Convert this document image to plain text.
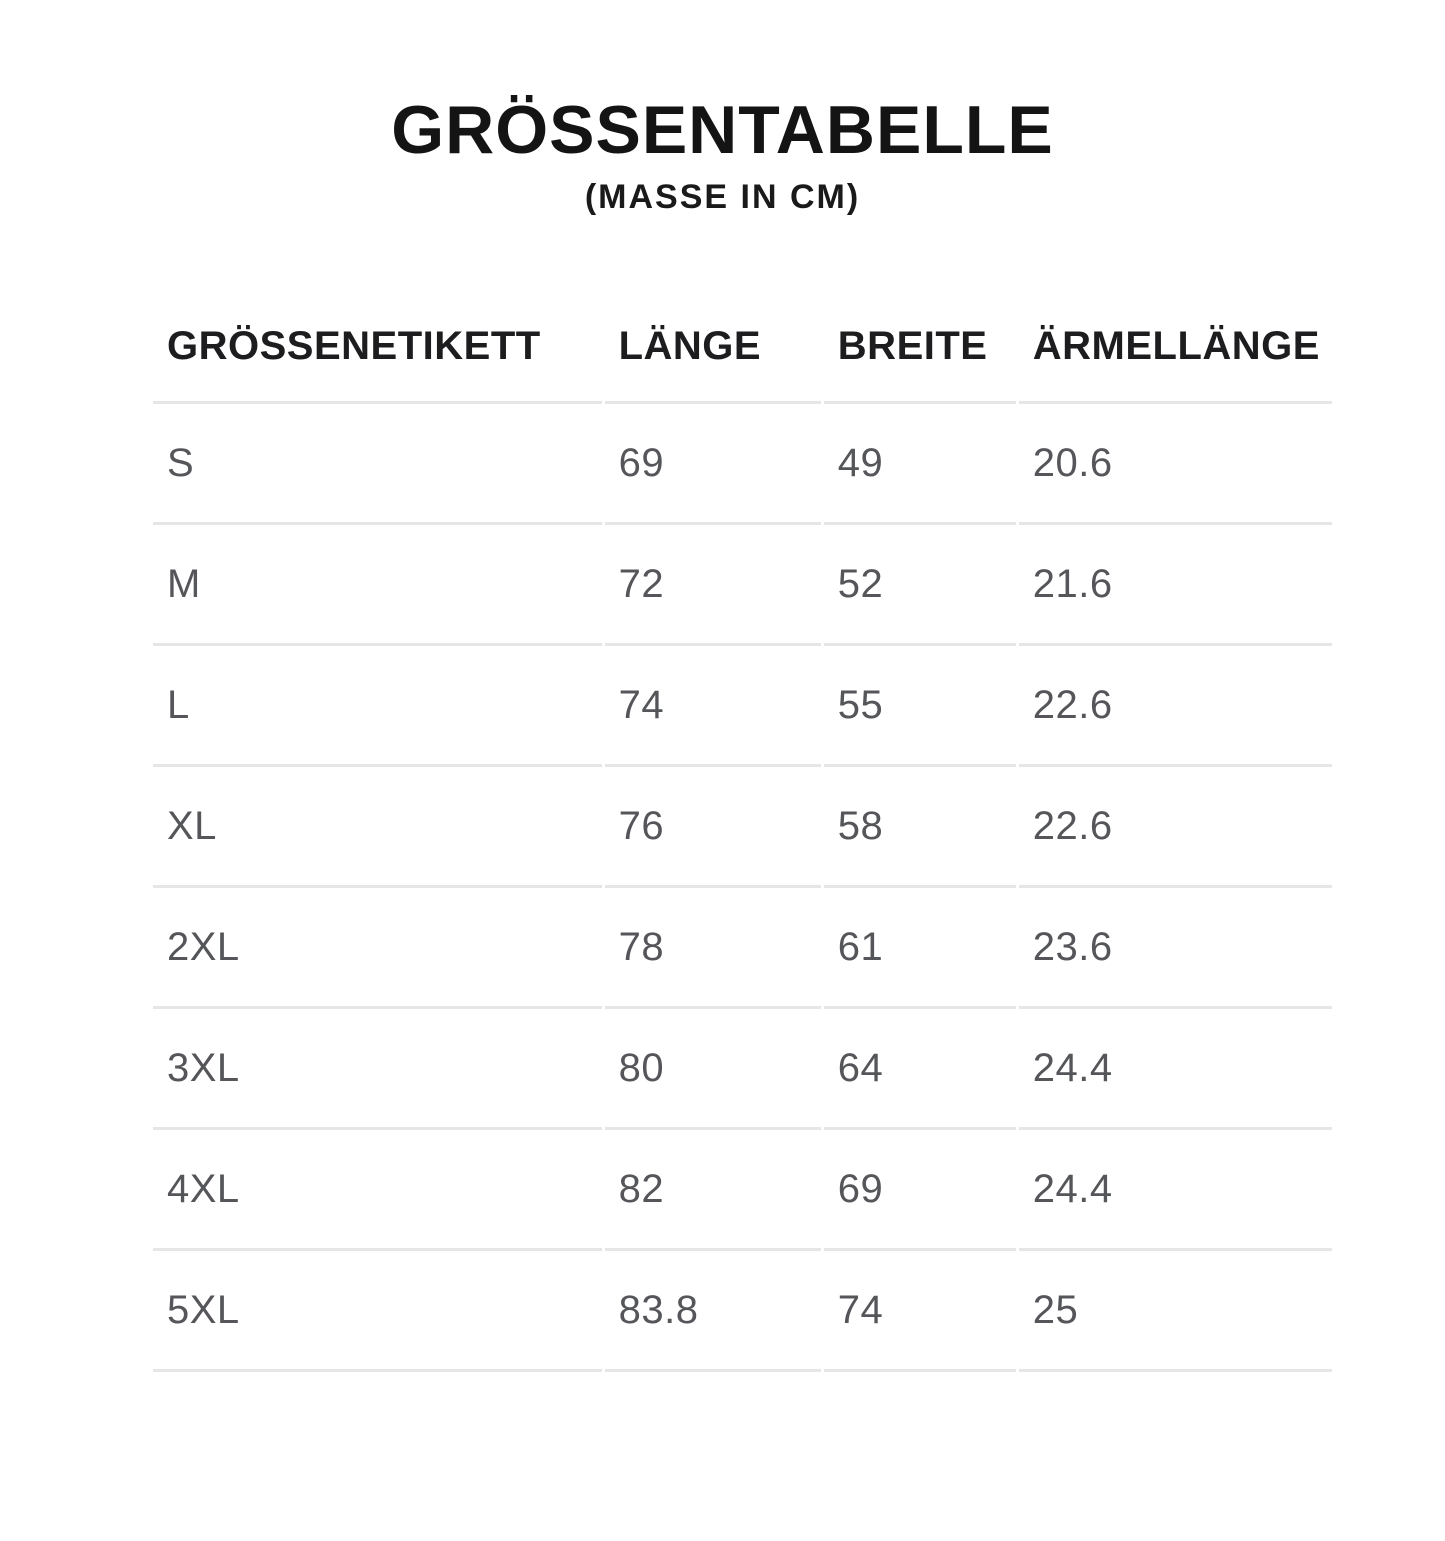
GRÖSSENTABELLE
(MASSE IN CM)
GRÖSSENETIKETT	LÄNGE	BREITE	ÄRMELLÄNGE
S	69	49	20.6
M	72	52	21.6
L	74	55	22.6
XL	76	58	22.6
2XL	78	61	23.6
3XL	80	64	24.4
4XL	82	69	24.4
5XL	83.8	74	25
